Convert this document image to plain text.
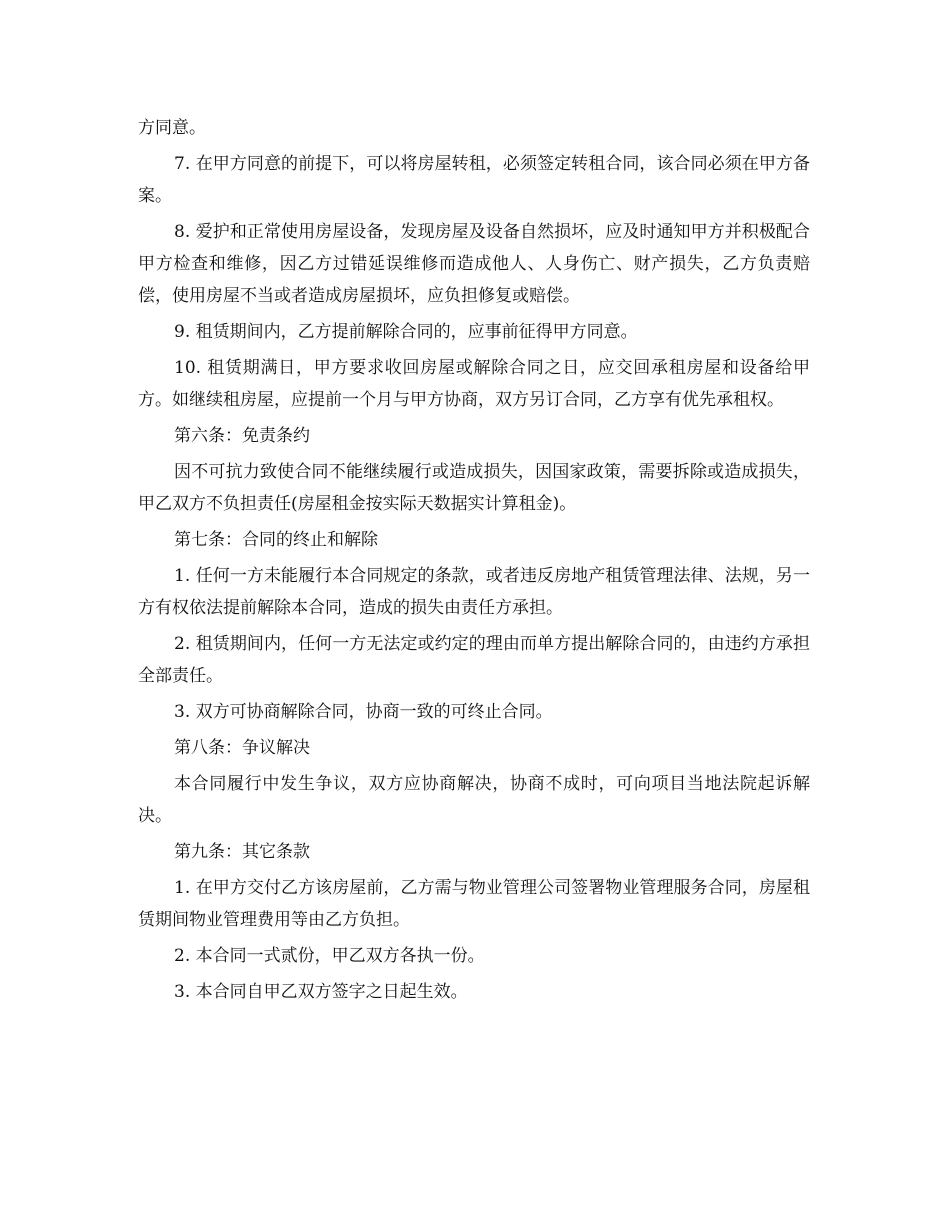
方同意。

7. 在甲方同意的前提下，可以将房屋转租，必须签定转租合同，该合同必须在甲方备案。

8. 爱护和正常使用房屋设备，发现房屋及设备自然损坏，应及时通知甲方并积极配合甲方检查和维修，因乙方过错延误维修而造成他人、人身伤亡、财产损失，乙方负责赔偿，使用房屋不当或者造成房屋损坏，应负担修复或赔偿。

9. 租赁期间内，乙方提前解除合同的，应事前征得甲方同意。

10. 租赁期满日，甲方要求收回房屋或解除合同之日，应交回承租房屋和设备给甲方。如继续租房屋，应提前一个月与甲方协商，双方另订合同，乙方享有优先承租权。

第六条：免责条约

因不可抗力致使合同不能继续履行或造成损失，因国家政策，需要拆除或造成损失，甲乙双方不负担责任(房屋租金按实际天数据实计算租金)。

第七条：合同的终止和解除

1. 任何一方未能履行本合同规定的条款，或者违反房地产租赁管理法律、法规，另一方有权依法提前解除本合同，造成的损失由责任方承担。

2. 租赁期间内，任何一方无法定或约定的理由而单方提出解除合同的，由违约方承担全部责任。

3. 双方可协商解除合同，协商一致的可终止合同。

第八条：争议解决

本合同履行中发生争议，双方应协商解决，协商不成时，可向项目当地法院起诉解决。

第九条：其它条款

1. 在甲方交付乙方该房屋前，乙方需与物业管理公司签署物业管理服务合同，房屋租赁期间物业管理费用等由乙方负担。

2. 本合同一式贰份，甲乙双方各执一份。

3. 本合同自甲乙双方签字之日起生效。
